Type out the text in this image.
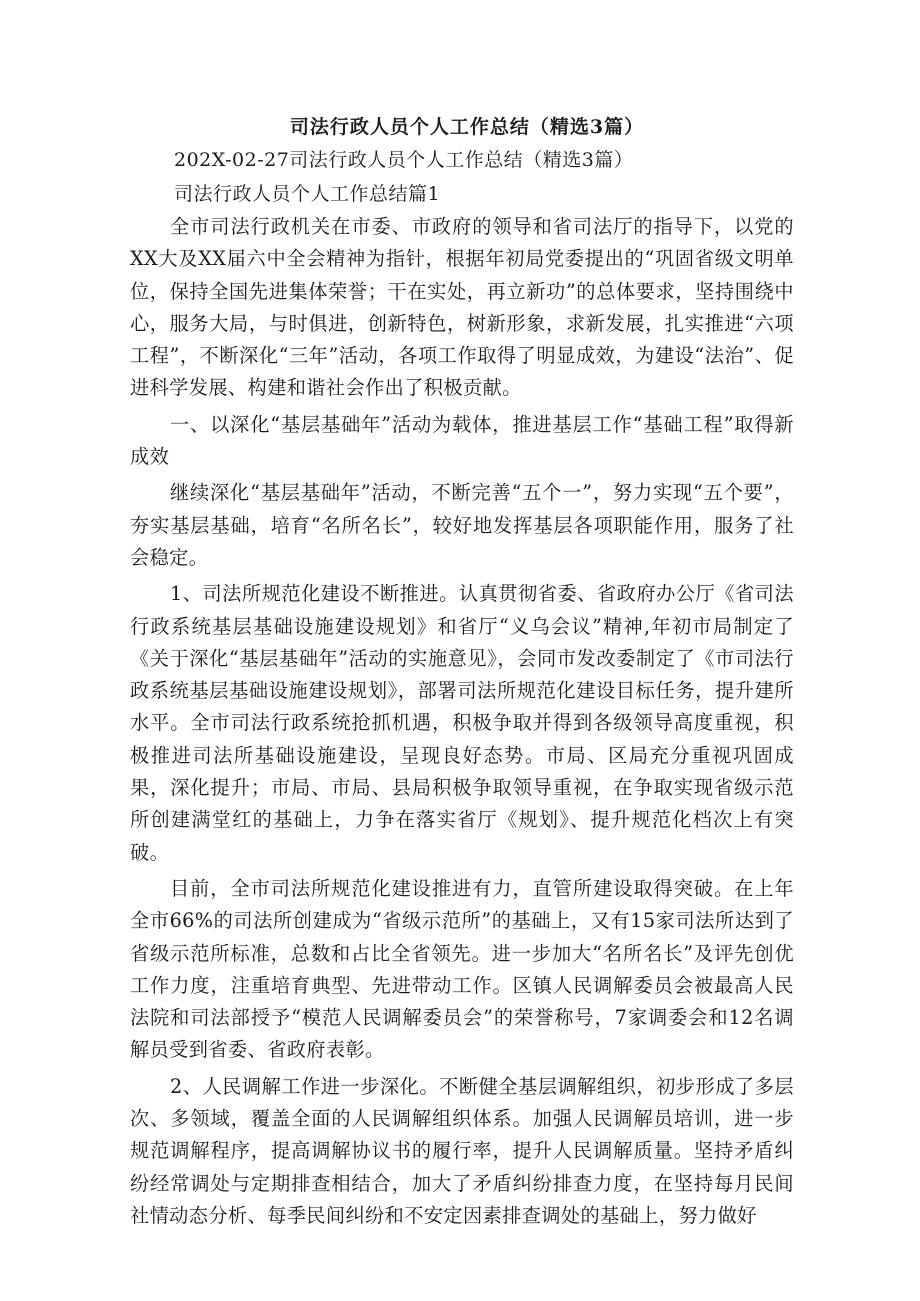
司法行政人员个人工作总结（精选3篇）

202X-02-27司法行政人员个人工作总结（精选3篇）

司法行政人员个人工作总结篇1

全市司法行政机关在市委、市政府的领导和省司法厅的指导下，以党的XX大及XX届六中全会精神为指针，根据年初局党委提出的“巩固省级文明单位，保持全国先进集体荣誉；干在实处，再立新功”的总体要求，坚持围绕中心，服务大局，与时俱进，创新特色，树新形象，求新发展，扎实推进“六项工程”，不断深化“三年”活动，各项工作取得了明显成效，为建设“法治”、促进科学发展、构建和谐社会作出了积极贡献。

一、以深化“基层基础年”活动为载体，推进基层工作“基础工程”取得新成效

继续深化“基层基础年”活动，不断完善“五个一”，努力实现“五个要”，夯实基层基础，培育“名所名长”，较好地发挥基层各项职能作用，服务了社会稳定。

1、司法所规范化建设不断推进。认真贯彻省委、省政府办公厅《省司法行政系统基层基础设施建设规划》和省厅“义乌会议”精神,年初市局制定了《关于深化“基层基础年”活动的实施意见》，会同市发改委制定了《市司法行政系统基层基础设施建设规划》，部署司法所规范化建设目标任务，提升建所水平。全市司法行政系统抢抓机遇，积极争取并得到各级领导高度重视，积极推进司法所基础设施建设，呈现良好态势。市局、区局充分重视巩固成果，深化提升；市局、市局、县局积极争取领导重视，在争取实现省级示范所创建满堂红的基础上，力争在落实省厅《规划》、提升规范化档次上有突破。

目前，全市司法所规范化建设推进有力，直管所建设取得突破。在上年全市66%的司法所创建成为“省级示范所”的基础上，又有15家司法所达到了省级示范所标准，总数和占比全省领先。进一步加大“名所名长”及评先创优工作力度，注重培育典型、先进带动工作。区镇人民调解委员会被最高人民法院和司法部授予“模范人民调解委员会”的荣誉称号，7家调委会和12名调解员受到省委、省政府表彰。

2、人民调解工作进一步深化。不断健全基层调解组织，初步形成了多层次、多领域，覆盖全面的人民调解组织体系。加强人民调解员培训，进一步规范调解程序，提高调解协议书的履行率，提升人民调解质量。坚持矛盾纠纷经常调处与定期排查相结合，加大了矛盾纠纷排查力度，在坚持每月民间社情动态分析、每季民间纠纷和不安定因素排查调处的基础上，努力做好
